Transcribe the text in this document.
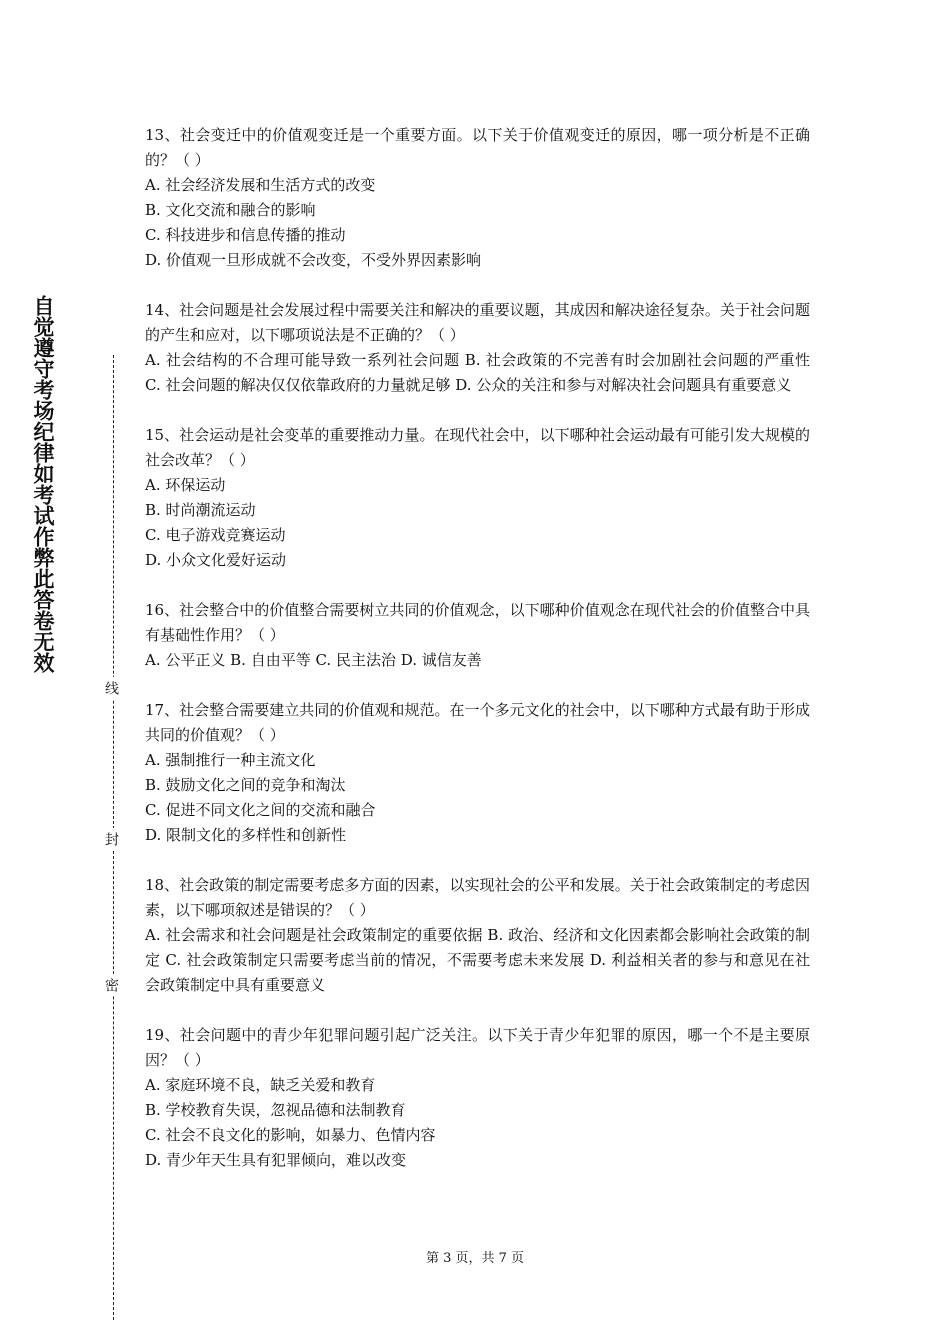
自觉遵守考场纪律如考试作弊此答卷无效
线
封
密
13、社会变迁中的价值观变迁是一个重要方面。以下关于价值观变迁的原因，哪一项分析是不正确的？（ ）
A. 社会经济发展和生活方式的改变
B. 文化交流和融合的影响
C. 科技进步和信息传播的推动
D. 价值观一旦形成就不会改变，不受外界因素影响
14、社会问题是社会发展过程中需要关注和解决的重要议题，其成因和解决途径复杂。关于社会问题的产生和应对，以下哪项说法是不正确的？（ ）
A. 社会结构的不合理可能导致一系列社会问题 B. 社会政策的不完善有时会加剧社会问题的严重性 C. 社会问题的解决仅仅依靠政府的力量就足够 D. 公众的关注和参与对解决社会问题具有重要意义
15、社会运动是社会变革的重要推动力量。在现代社会中，以下哪种社会运动最有可能引发大规模的社会改革？（ ）
A. 环保运动
B. 时尚潮流运动
C. 电子游戏竞赛运动
D. 小众文化爱好运动
16、社会整合中的价值整合需要树立共同的价值观念，以下哪种价值观念在现代社会的价值整合中具有基础性作用？（ ）
A. 公平正义 B. 自由平等 C. 民主法治 D. 诚信友善
17、社会整合需要建立共同的价值观和规范。在一个多元文化的社会中，以下哪种方式最有助于形成共同的价值观？（ ）
A. 强制推行一种主流文化
B. 鼓励文化之间的竞争和淘汰
C. 促进不同文化之间的交流和融合
D. 限制文化的多样性和创新性
18、社会政策的制定需要考虑多方面的因素，以实现社会的公平和发展。关于社会政策制定的考虑因素，以下哪项叙述是错误的？（ ）
A. 社会需求和社会问题是社会政策制定的重要依据 B. 政治、经济和文化因素都会影响社会政策的制定 C. 社会政策制定只需要考虑当前的情况，不需要考虑未来发展 D. 利益相关者的参与和意见在社会政策制定中具有重要意义
19、社会问题中的青少年犯罪问题引起广泛关注。以下关于青少年犯罪的原因，哪一个不是主要原因？（ ）
A. 家庭环境不良，缺乏关爱和教育
B. 学校教育失误，忽视品德和法制教育
C. 社会不良文化的影响，如暴力、色情内容
D. 青少年天生具有犯罪倾向，难以改变
第 3 页，共 7 页
